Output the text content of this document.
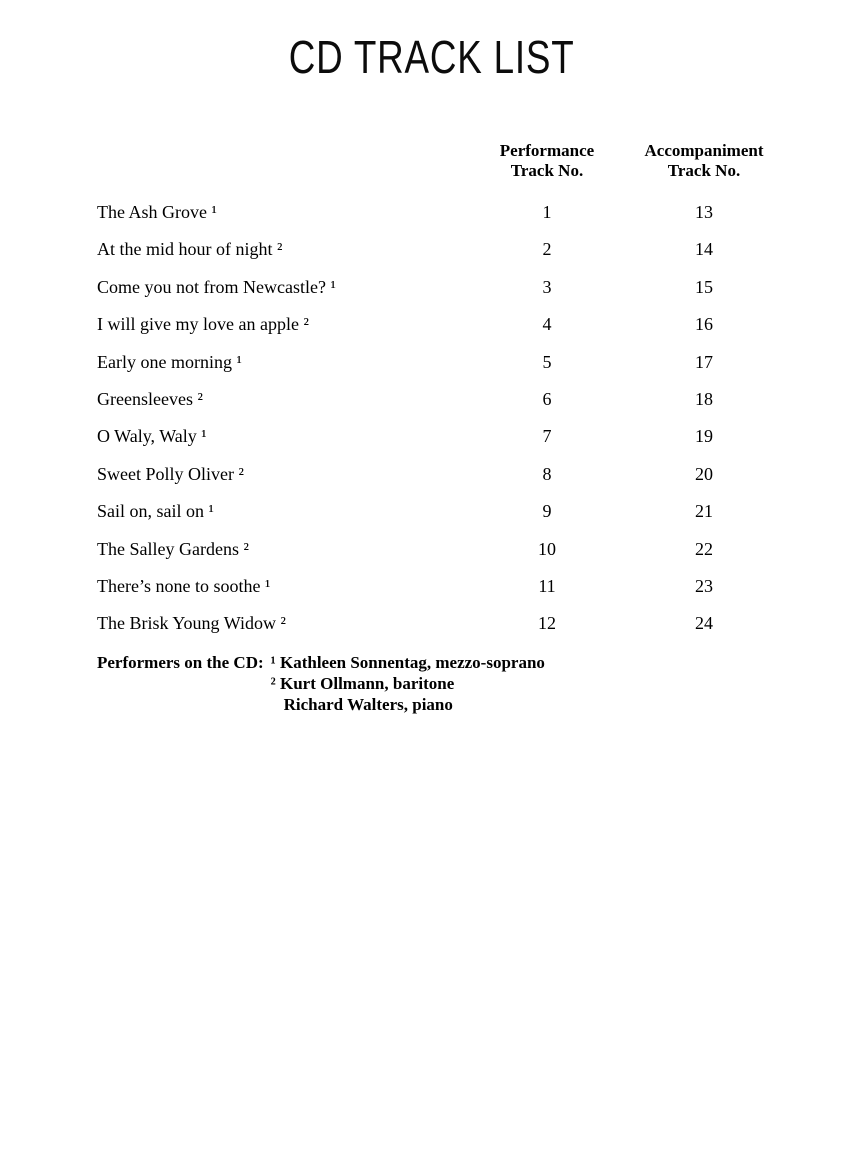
CD TRACK LIST
Performance
Track No.
Accompaniment
Track No.
The Ash Grove ¹	1	13
At the mid hour of night ²	2	14
Come you not from Newcastle? ¹	3	15
I will give my love an apple ²	4	16
Early one morning ¹	5	17
Greensleeves ²	6	18
O Waly, Waly ¹	7	19
Sweet Polly Oliver ²	8	20
Sail on, sail on ¹	9	21
The Salley Gardens ²	10	22
There’s none to soothe ¹	11	23
The Brisk Young Widow ²	12	24
Performers on the CD: ¹ Kathleen Sonnentag, mezzo-soprano
² Kurt Ollmann, baritone
Richard Walters, piano
